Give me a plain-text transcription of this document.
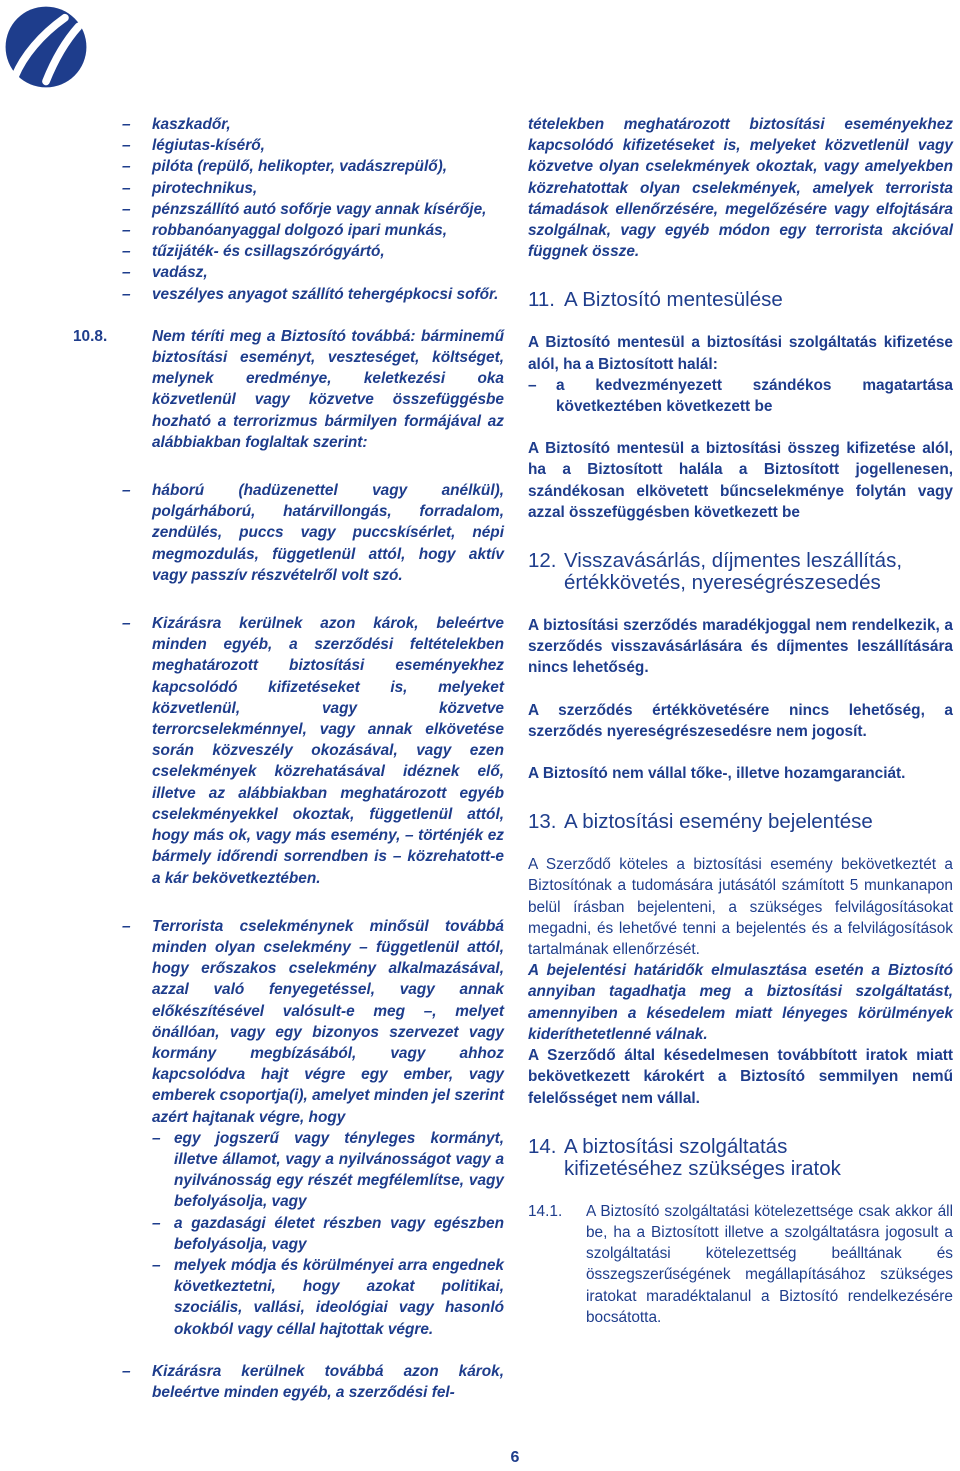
– kaszkadőr,

– légiutas-kísérő,

– pilóta (repülő, helikopter, vadászrepülő),

– pirotechnikus,

– pénzszállító autó sofőrje vagy annak kísérője,

– robbanóanyaggal dolgozó ipari munkás,

– tűzijáték- és csillagszórógyártó,

– vadász,

– veszélyes anyagot szállító tehergépkocsi sofőr.

10.8.	Nem téríti meg a Biztosító továbbá: bárminemű biztosítási eseményt, veszteséget, költséget, melynek eredménye, keletkezési oka közvetlenül vagy közvetve összefüggésbe hozható a terrorizmus bármilyen formájával az alábbiakban foglaltak szerint:

– háború (hadüzenettel vagy anélkül), polgárháború, határvillongás, forradalom, zendülés, puccs vagy puccskísérlet, népi megmozdulás, függetlenül attól, hogy aktív vagy passzív részvételről volt szó.

– Kizárásra kerülnek azon károk, beleértve minden egyéb, a szerződési feltételekben meghatározott biztosítási eseményekhez kapcsolódó kifizetéseket is, melyeket közvetlenül, vagy közvetve terrorcselekménnyel, vagy annak elkövetése során közveszély okozásával, vagy ezen cselekmények közrehatásával idéznek elő, illetve az alábbiakban meghatározott egyéb cselekményekkel okoztak, függetlenül attól, hogy más ok, vagy más esemény, – történjék ez bármely időrendi sorrendben is – közrehatott-e a kár bekövetkeztében.

– Terrorista cselekménynek minősül továbbá minden olyan cselekmény – függetlenül attól, hogy erőszakos cselekmény alkalmazásával, azzal való fenyegetéssel, vagy annak előkészítésével valósult-e meg –, melyet önállóan, vagy egy bizonyos szervezet vagy kormány megbízásából, vagy ahhoz kapcsolódva hajt végre egy ember, vagy emberek csoportja(i), amelyet minden jel szerint azért hajtanak végre, hogy

– egy jogszerű vagy tényleges kormányt, illetve államot, vagy a nyilvánosságot vagy a nyilvánosság egy részét megfélemlítse, vagy befolyásolja, vagy

– a gazdasági életet részben vagy egészben befolyásolja, vagy

– melyek módja és körülményei arra engednek következtetni, hogy azokat politikai, szociális, vallási, ideológiai vagy hasonló okokból vagy céllal hajtottak végre.

– Kizárásra kerülnek továbbá azon károk, beleértve minden egyéb, a szerződési fel-

tételekben meghatározott biztosítási eseményekhez kapcsolódó kifizetéseket is, melyeket közvetlenül vagy közvetve olyan cselekmények okoztak, vagy amelyekben közrehatottak olyan cselekmények, amelyek terrorista támadások ellenőrzésére, megelőzésére vagy elfojtására szolgálnak, vagy egyéb módon egy terrorista akcióval függnek össze.

11. A Biztosító mentesülése

A Biztosító mentesül a biztosítási szolgáltatás kifizetése alól, ha a Biztosított halál:

– a kedvezményezett szándékos magatartása következtében következett be

A Biztosító mentesül a biztosítási összeg kifizetése alól, ha a Biztosított halála a Biztosított jogellenesen, szándékosan elkövetett bűncselekménye folytán vagy azzal összefüggésben következett be

12. Visszavásárlás, díjmentes leszállítás,
értékkövetés, nyereségrészesedés

A biztosítási szerződés maradékjoggal nem rendelkezik, a szerződés visszavásárlására és díjmentes leszállítására nincs lehetőség.

A szerződés értékkövetésére nincs lehetőség, a szerződés nyereségrészesedésre nem jogosít.

A Biztosító nem vállal tőke-, illetve hozamgaranciát.

13. A biztosítási esemény bejelentése

A Szerződő köteles a biztosítási esemény bekövetkeztét a Biztosítónak a tudomására jutásától számított 5 munkanapon belül írásban bejelenteni, a szükséges felvilágosításokat megadni, és lehetővé tenni a bejelentés és a felvilágosítások tartalmának ellenőrzését.

A bejelentési határidők elmulasztása esetén a Biztosító annyiban tagadhatja meg a biztosítási szolgáltatást, amennyiben a késedelem miatt lényeges körülmények kideríthetetlenné válnak.

A Szerződő által késedelmesen továbbított iratok miatt bekövetkezett károkért a Biztosító semmilyen nemű felelősséget nem vállal.

14. A biztosítási szolgáltatás
kifizetéséhez szükséges iratok
14.1. A Biztosító szolgáltatási kötelezettsége csak akkor áll be, ha a Biztosított illetve a szolgáltatásra jogosult a szolgáltatási kötelezettség beálltának és összegszerűségének megállapításához szükséges iratokat maradéktalanul a Biztosító rendelkezésére bocsátotta.
6
